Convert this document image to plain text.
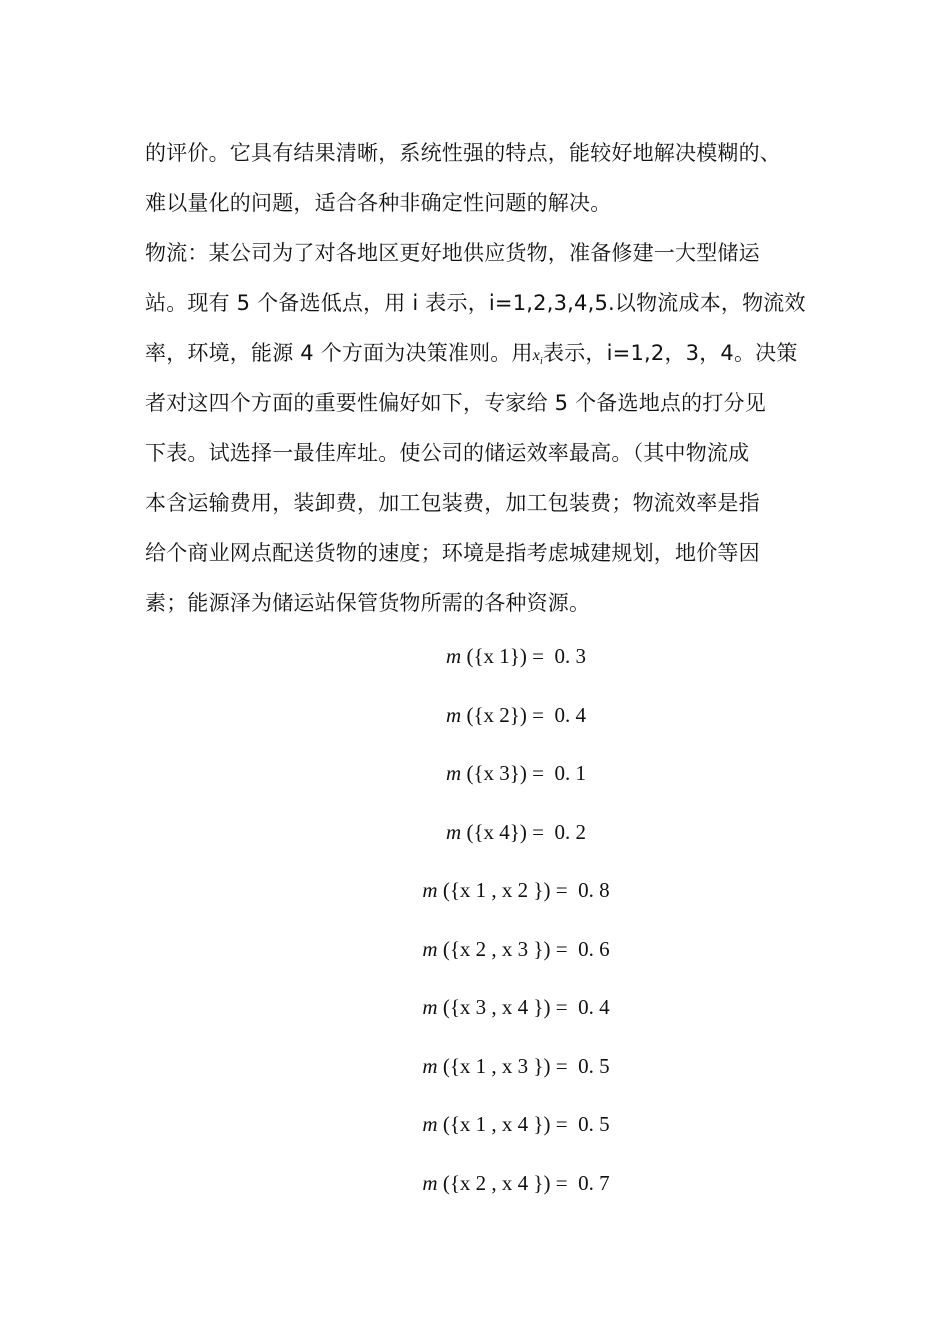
的评价。它具有结果清晰，系统性强的特点，能较好地解决模糊的、
难以量化的问题，适合各种非确定性问题的解决。
物流：某公司为了对各地区更好地供应货物，准备修建一大型储运
站。现有 5 个备选低点，用 i 表示，i=1,2,3,4,5.以物流成本，物流效
率，环境，能源 4 个方面为决策准则。用$x_i$表示，i=1,2，3，4。决策
者对这四个方面的重要性偏好如下，专家给 5 个备选地点的打分见
下表。试选择一最佳库址。使公司的储运效率最高。（其中物流成
本含运输费用，装卸费，加工包装费，加工包装费；物流效率是指
给个商业网点配送货物的速度；环境是指考虑城建规划，地价等因
素；能源泽为储运站保管货物所需的各种资源。
m ({x 1}) =  0. 3
m ({x 2}) =  0. 4
m ({x 3}) =  0. 1
m ({x 4}) =  0. 2
m ({x 1 , x 2 }) =  0. 8
m ({x 2 , x 3 }) =  0. 6
m ({x 3 , x 4 }) =  0. 4
m ({x 1 , x 3 }) =  0. 5
m ({x 1 , x 4 }) =  0. 5
m ({x 2 , x 4 }) =  0. 7
